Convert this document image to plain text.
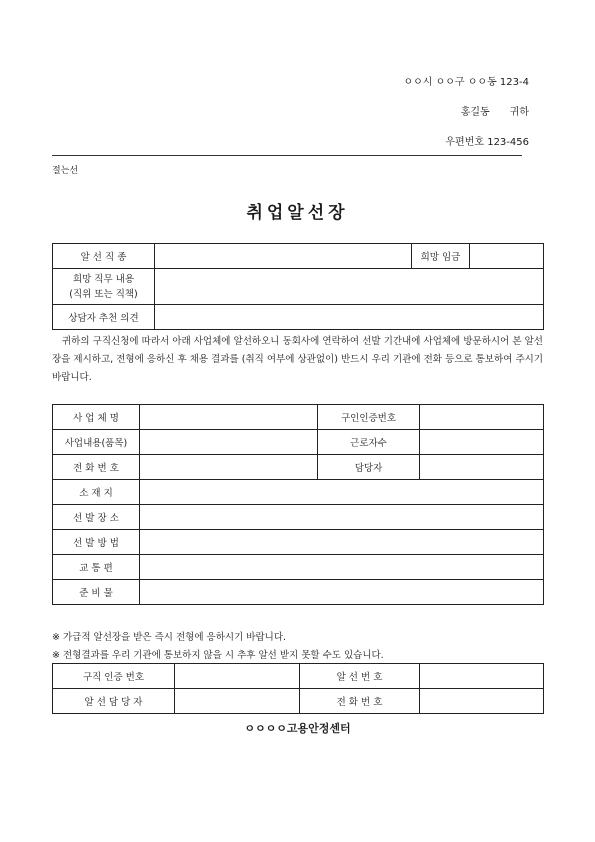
ㅇㅇ시 ㅇㅇ구 ㅇㅇ동 123-4
홍길동　　귀하
우편번호 123-456
절는선
취업알선장
알 선 직 종		희망 임금	
희망 직무 내용
(직위 또는 직책)			
상담자 추천 의견			
귀하의 구직신청에 따라서 아래 사업체에 알선하오니 동회사에 연락하여 선발 기간내에 사업체에 방문하시어 본 알선장을 제시하고, 전형에 응하신 후 채용 결과를 (취직 여부에 상관없이) 반드시 우리 기관에 전화 등으로 통보하여 주시기 바랍니다.
사 업 체 명		구인인증번호	
사업내용(품목)		근로자수	
전 화 번 호		담당자	
소 재 지			
선 발 장 소			
선 발 방 법			
교 통 편			
준 비 물			
※ 가급적 알선장을 받은 즉시 전형에 응하시기 바랍니다.
※ 전형결과를 우리 기관에 통보하지 않을 시 추후 알선 받지 못할 수도 있습니다.
구직 인증 번호		알 선 번 호	
알 선 담 당 자		전 화 번 호	
ㅇㅇㅇㅇ고용안정센터
